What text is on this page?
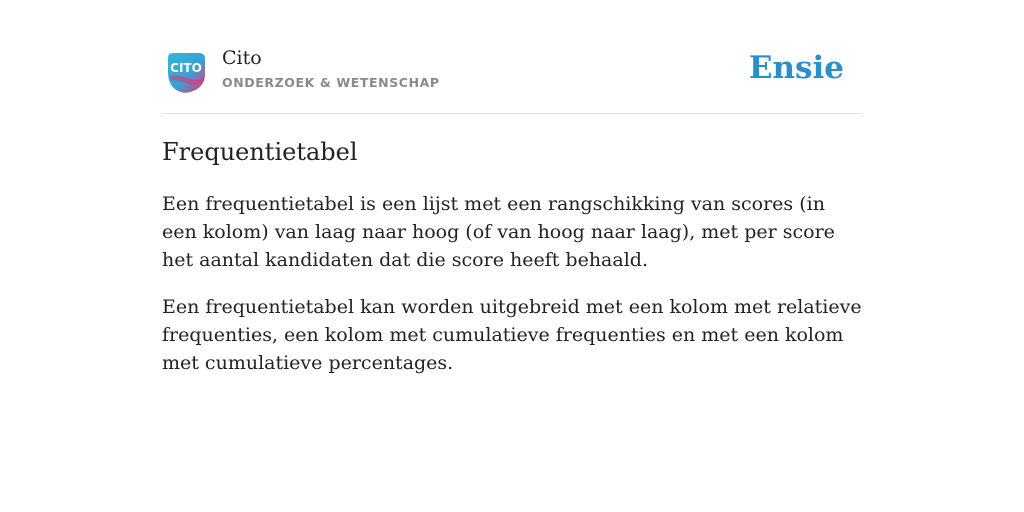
CITO Cito
ONDERZOEK & WETENSCHAP	Ensie
Frequentietabel

Een frequentietabel is een lijst met een rangschikking van scores (in een kolom) van laag naar hoog (of van hoog naar laag), met per score het aantal kandidaten dat die score heeft behaald.

Een frequentietabel kan worden uitgebreid met een kolom met relatieve frequenties, een kolom met cumulatieve frequenties en met een kolom met cumulatieve percentages.
